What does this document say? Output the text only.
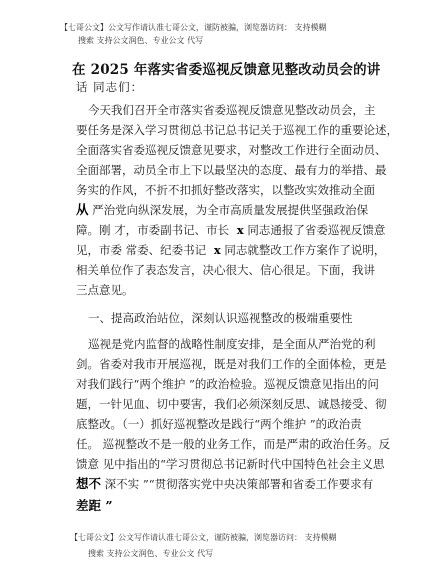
【七哥公文】公文写作请认准七哥公文，谨防被骗，浏览器访问： 支持模糊
搜索 支持公文润色、专业公文 代写
在 2025 年落实省委巡视反馈意见整改动员会的讲
话 同志们：
今天我们召开全市落实省委巡视反馈意见整改动员会，主
要任务是深入学习贯彻总书记总书记关于巡视工作的重要论述，
全面落实省委巡视反馈意见要求，对整改工作进行全面动员、
全面部署，动员全市上下以最坚决的态度、最有力的举措、最
务实的作风，不折不扣抓好整改落实，以整改实效推动全面
从 严治党向纵深发展，为全市高质量发展提供坚强政治保
障。刚 才，市委副书记、市长 x 同志通报了省委巡视反馈意
见，市委 常委、纪委书记 x 同志就整改工作方案作了说明，
相关单位作了表态发言，决心很大、信心很足。下面，我讲
三点意见。
一、提高政治站位，深刻认识巡视整改的极端重要性
巡视是党内监督的战略性制度安排，是全面从严治党的利
剑。省委对我市开展巡视，既是对我们工作的全面体检，更是
对我们践行“两个维护 ”的政治检验。巡视反馈意见指出的问
题，一针见血、切中要害，我们必须深刻反思、诚恳接受、彻
底整改。（一）抓好巡视整改是践行“两个维护 ”的政治责
任。 巡视整改不是一般的业务工作，而是严肃的政治任务。反
馈意 见中指出的“学习贯彻总书记新时代中国特色社会主义思
想不 深不实 ”“贯彻落实党中央决策部署和省委工作要求有
差距 ”
【七哥公文】公文写作请认准七哥公文，谨防被骗，浏览器访问： 支持模糊
搜索 支持公文润色、专业公文 代写
